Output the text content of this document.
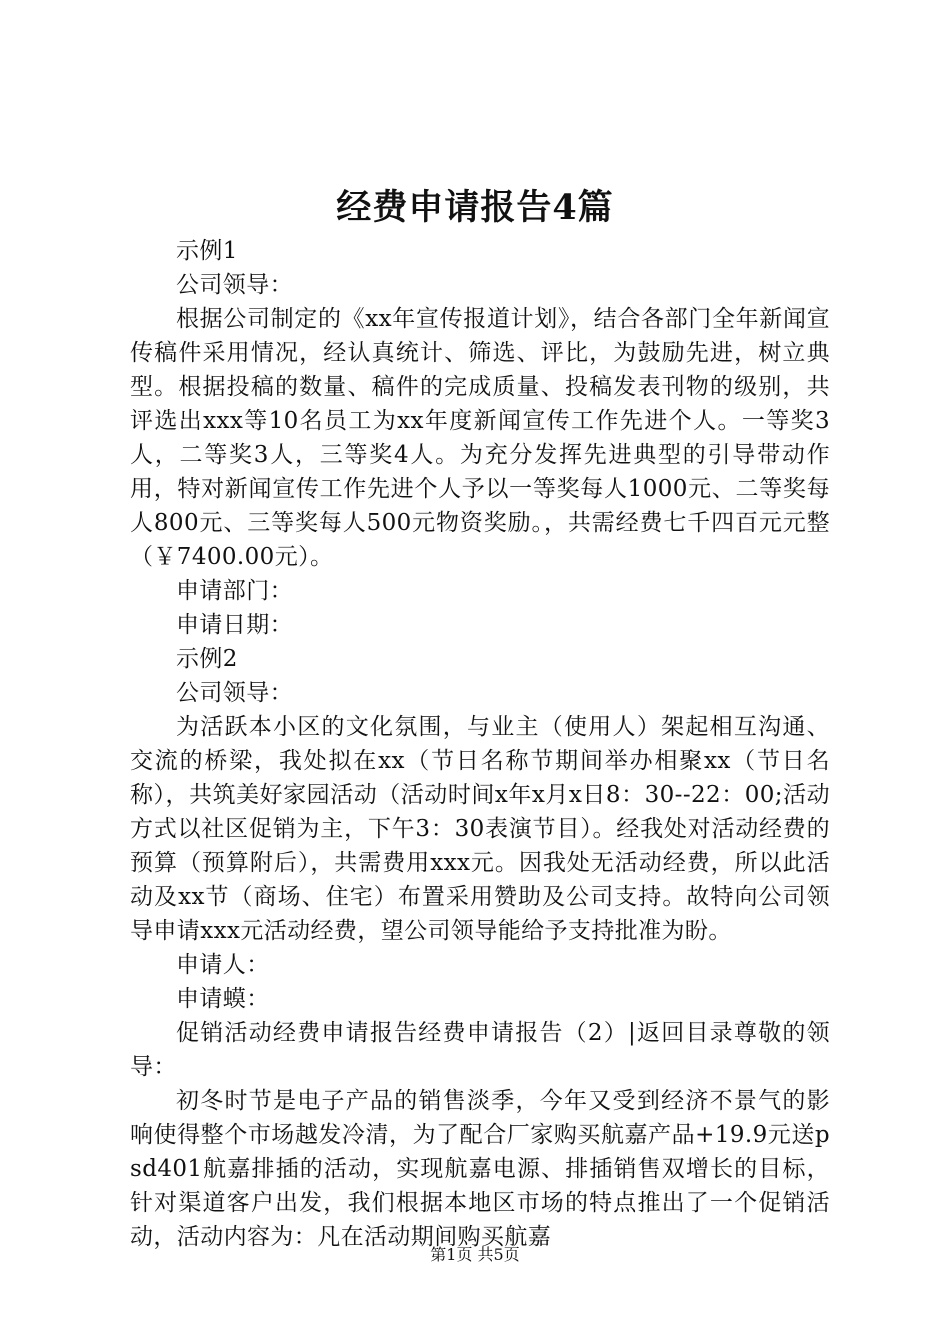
经费申请报告4篇

示例1

公司领导：

根据公司制定的《xx年宣传报道计划》，结合各部门全年新闻宣传稿件采用情况，经认真统计、筛选、评比，为鼓励先进，树立典型。根据投稿的数量、稿件的完成质量、投稿发表刊物的级别，共评选出xxx等10名员工为xx年度新闻宣传工作先进个人。一等奖3人，二等奖3人，三等奖4人。为充分发挥先进典型的引导带动作用，特对新闻宣传工作先进个人予以一等奖每人1000元、二等奖每人800元、三等奖每人500元物资奖励。，共需经费七千四百元元整（￥7400.00元）。

申请部门：

申请日期：

示例2

公司领导：

为活跃本小区的文化氛围，与业主（使用人）架起相互沟通、交流的桥梁，我处拟在xx（节日名称节期间举办相聚xx（节日名称），共筑美好家园活动（活动时间x年x月x日8：30--22：00;活动方式以社区促销为主，下午3：30表演节目）。经我处对活动经费的预算（预算附后），共需费用xxx元。因我处无活动经费，所以此活动及xx节（商场、住宅）布置采用赞助及公司支持。故特向公司领导申请xxx元活动经费，望公司领导能给予支持批准为盼。

申请人：

申请蟆：

促销活动经费申请报告经费申请报告（2）|返回目录尊敬的领导：

初冬时节是电子产品的销售淡季，今年又受到经济不景气的影响使得整个市场越发冷清，为了配合厂家购买航嘉产品+19.9元送psd401航嘉排插的活动，实现航嘉电源、排插销售双增长的目标，针对渠道客户出发，我们根据本地区市场的特点推出了一个促销活动，活动内容为：凡在活动期间购买航嘉

第1页 共5页
